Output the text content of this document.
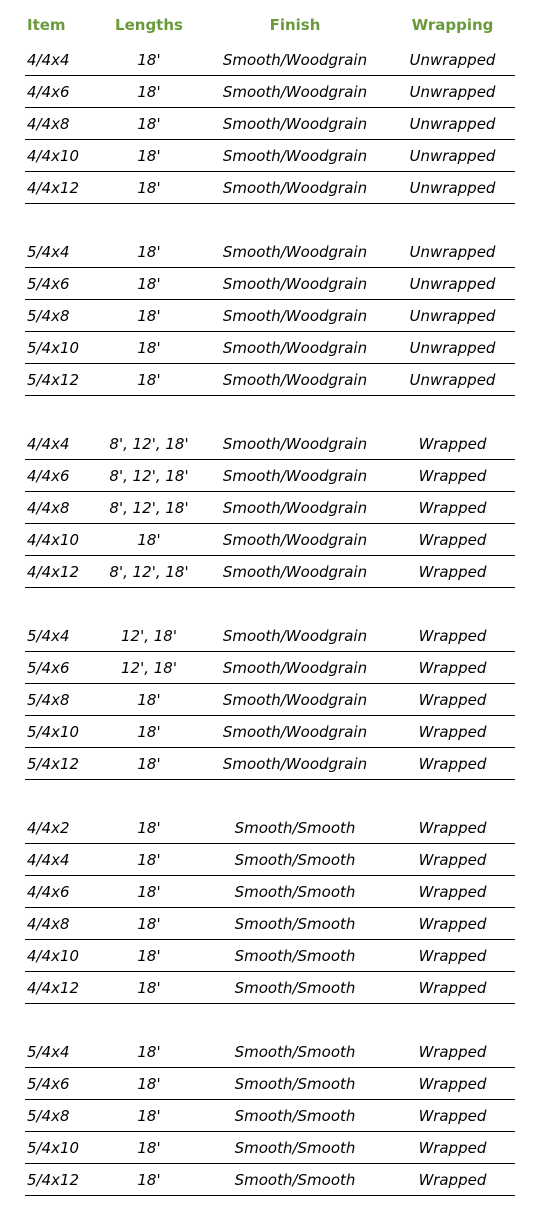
Item	Lengths	Finish	Wrapping
4/4x4	18'	Smooth/Woodgrain	Unwrapped
4/4x6	18'	Smooth/Woodgrain	Unwrapped
4/4x8	18'	Smooth/Woodgrain	Unwrapped
4/4x10	18'	Smooth/Woodgrain	Unwrapped
4/4x12	18'	Smooth/Woodgrain	Unwrapped
5/4x4	18'	Smooth/Woodgrain	Unwrapped
5/4x6	18'	Smooth/Woodgrain	Unwrapped
5/4x8	18'	Smooth/Woodgrain	Unwrapped
5/4x10	18'	Smooth/Woodgrain	Unwrapped
5/4x12	18'	Smooth/Woodgrain	Unwrapped
4/4x4	8', 12', 18'	Smooth/Woodgrain	Wrapped
4/4x6	8', 12', 18'	Smooth/Woodgrain	Wrapped
4/4x8	8', 12', 18'	Smooth/Woodgrain	Wrapped
4/4x10	18'	Smooth/Woodgrain	Wrapped
4/4x12	8', 12', 18'	Smooth/Woodgrain	Wrapped
5/4x4	12', 18'	Smooth/Woodgrain	Wrapped
5/4x6	12', 18'	Smooth/Woodgrain	Wrapped
5/4x8	18'	Smooth/Woodgrain	Wrapped
5/4x10	18'	Smooth/Woodgrain	Wrapped
5/4x12	18'	Smooth/Woodgrain	Wrapped
4/4x2	18'	Smooth/Smooth	Wrapped
4/4x4	18'	Smooth/Smooth	Wrapped
4/4x6	18'	Smooth/Smooth	Wrapped
4/4x8	18'	Smooth/Smooth	Wrapped
4/4x10	18'	Smooth/Smooth	Wrapped
4/4x12	18'	Smooth/Smooth	Wrapped
5/4x4	18'	Smooth/Smooth	Wrapped
5/4x6	18'	Smooth/Smooth	Wrapped
5/4x8	18'	Smooth/Smooth	Wrapped
5/4x10	18'	Smooth/Smooth	Wrapped
5/4x12	18'	Smooth/Smooth	Wrapped
